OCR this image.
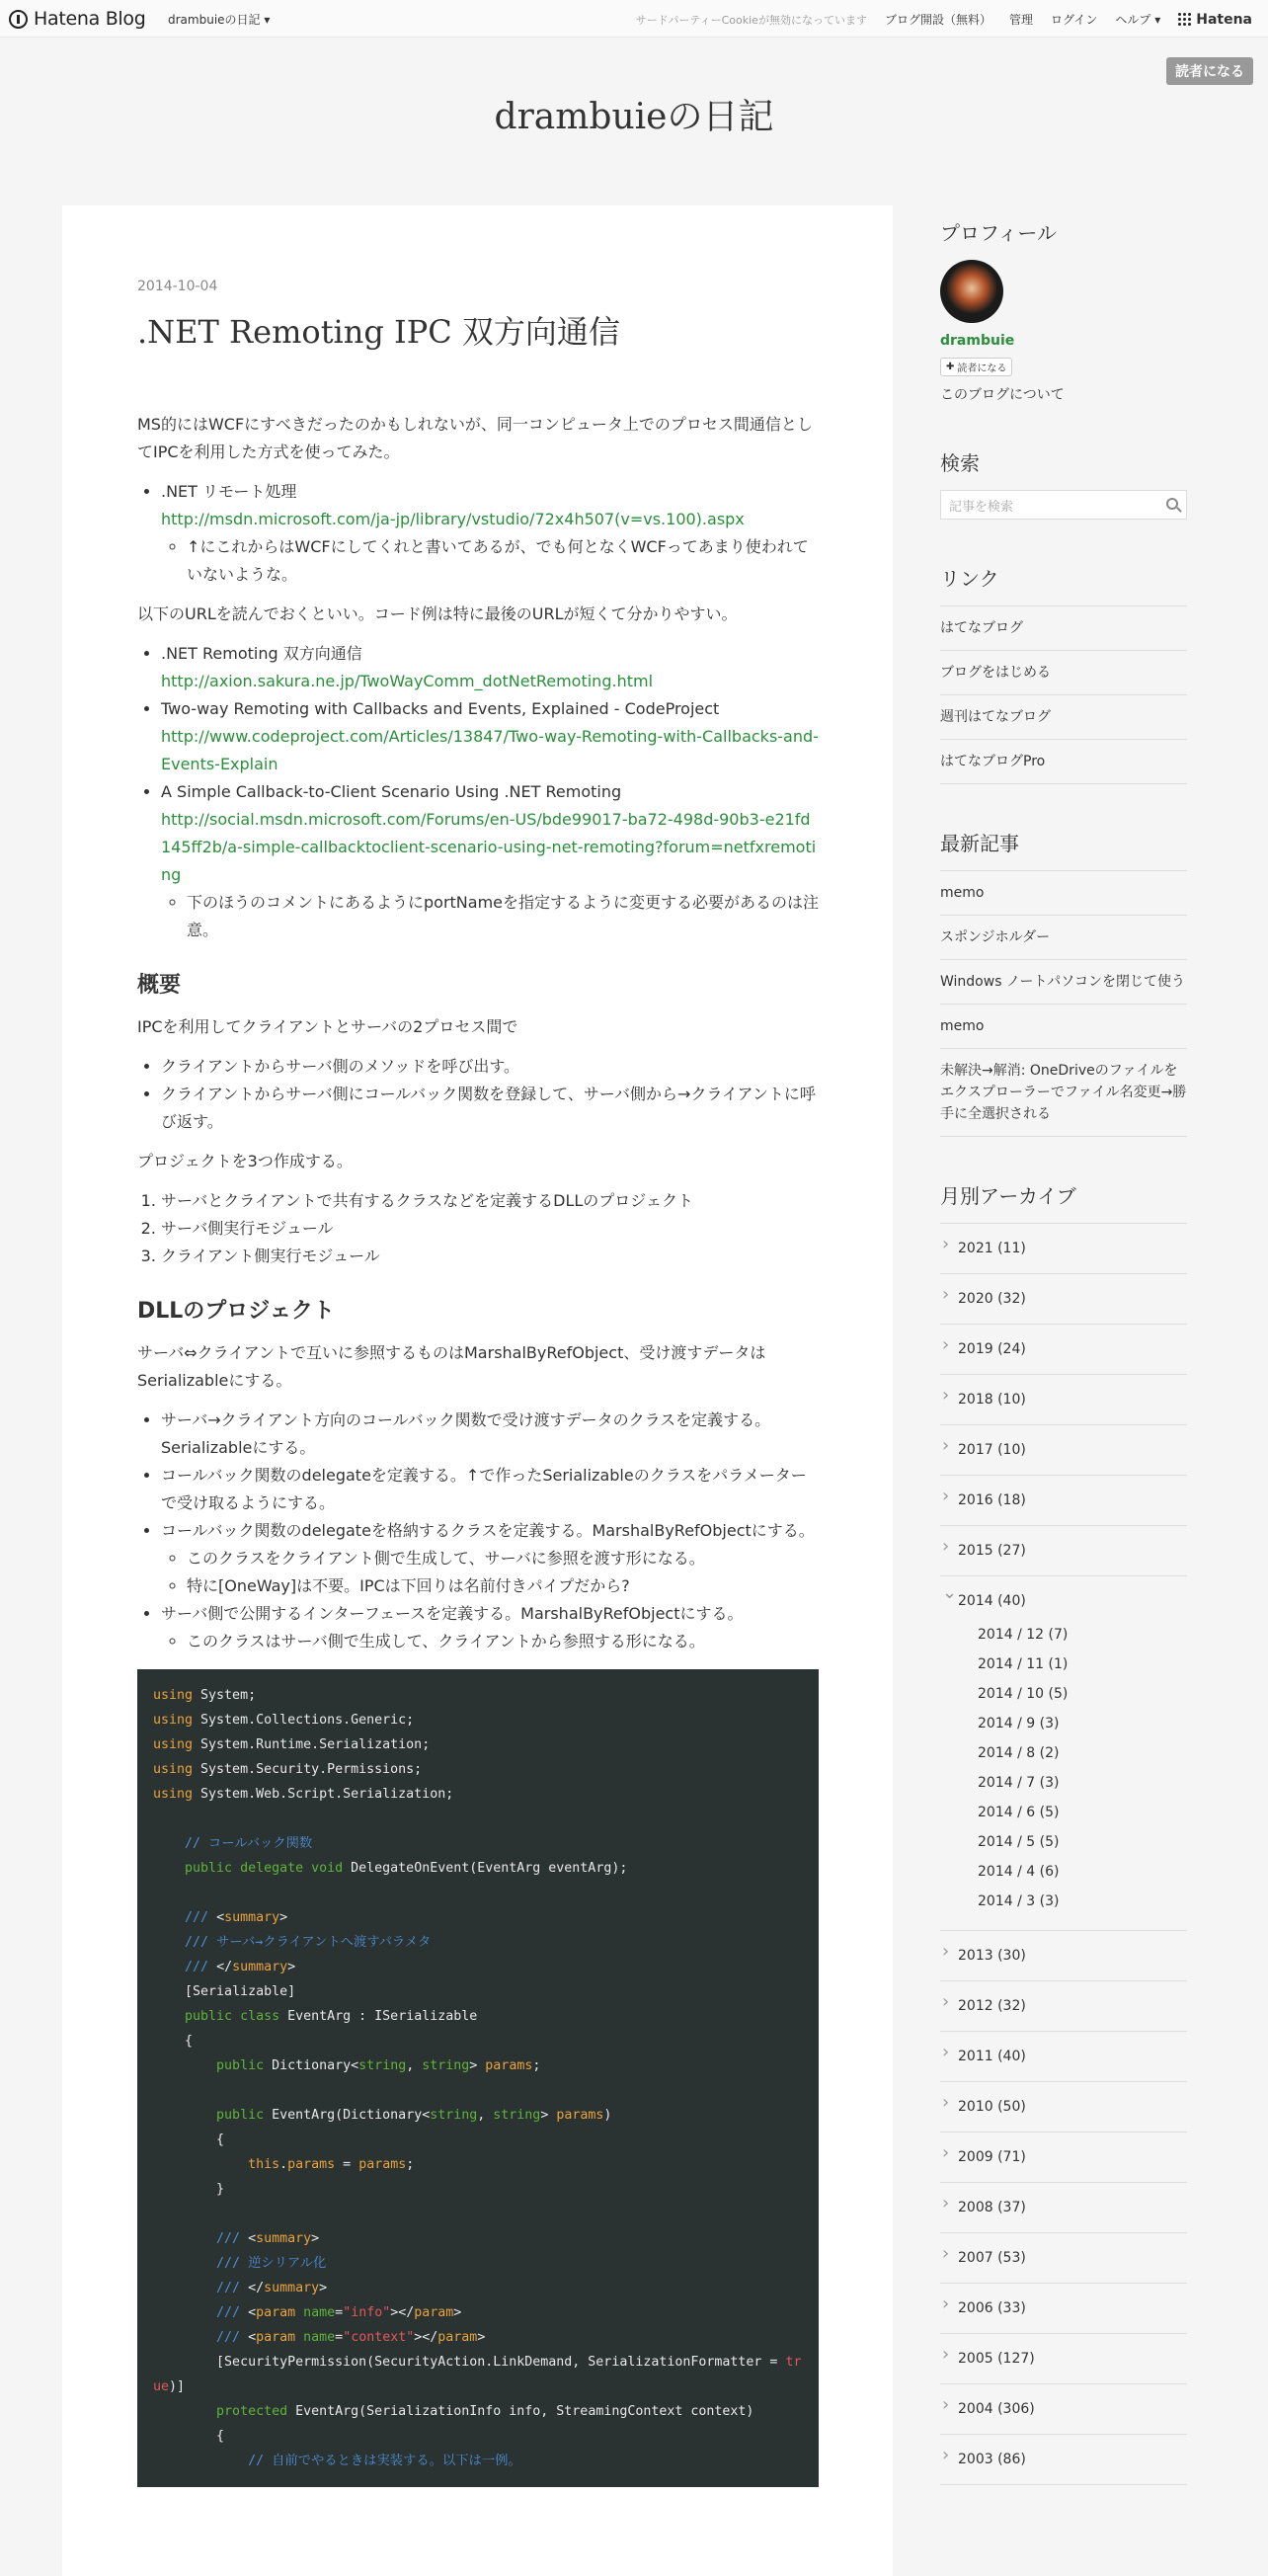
Hatena Blog drambuieの日記 ▾	サードパーティーCookieが無効になっています ブログ開設（無料） 管理 ログイン ヘルプ ▾	Hatena
読者になる
drambuieの日記
2014-10-04
.NET Remoting IPC 双方向通信

MS的にはWCFにすべきだったのかもしれないが、同一コンピュータ上でのプロセス間通信としてIPCを利用した方式を使ってみた。

• .NET リモート処理
http://msdn.microsoft.com/ja-jp/library/vstudio/72x4h507(v=vs.100).aspx
◦ ↑にこれからはWCFにしてくれと書いてあるが、でも何となくWCFってあまり使われていないような。

以下のURLを読んでおくといい。コード例は特に最後のURLが短くて分かりやすい。

• .NET Remoting 双方向通信
http://axion.sakura.ne.jp/TwoWayComm_dotNetRemoting.html
• Two-way Remoting with Callbacks and Events, Explained - CodeProject
http://www.codeproject.com/Articles/13847/Two-way-Remoting-with-Callbacks-and-Events-Explain
• A Simple Callback-to-Client Scenario Using .NET Remoting
http://social.msdn.microsoft.com/Forums/en-US/bde99017-ba72-498d-90b3-e21fd145ff2b/a-simple-callbacktoclient-scenario-using-net-remoting?forum=netfxremoting
◦ 下のほうのコメントにあるようにportNameを指定するように変更する必要があるのは注意。
概要

IPCを利用してクライアントとサーバの2プロセス間で

• クライアントからサーバ側のメソッドを呼び出す。
• クライアントからサーバ側にコールバック関数を登録して、サーバ側から→クライアントに呼び返す。

プロジェクトを3つ作成する。

1. サーバとクライアントで共有するクラスなどを定義するDLLのプロジェクト
2. サーバ側実行モジュール
3. クライアント側実行モジュール
DLLのプロジェクト

サーバ⇔クライアントで互いに参照するものはMarshalByRefObject、受け渡すデータはSerializableにする。

• サーバ→クライアント方向のコールバック関数で受け渡すデータのクラスを定義する。Serializableにする。
• コールバック関数のdelegateを定義する。↑で作ったSerializableのクラスをパラメーターで受け取るようにする。
• コールバック関数のdelegateを格納するクラスを定義する。MarshalByRefObjectにする。
◦ このクラスをクライアント側で生成して、サーバに参照を渡す形になる。
◦ 特に[OneWay]は不要。IPCは下回りは名前付きパイプだから?
• サーバ側で公開するインターフェースを定義する。MarshalByRefObjectにする。
◦ このクラスはサーバ側で生成して、クライアントから参照する形になる。
using System;
using System.Collections.Generic;
using System.Runtime.Serialization;
using System.Security.Permissions;
using System.Web.Script.Serialization;

// コールバック関数
public delegate void DelegateOnEvent(EventArg eventArg);

/// <summary>
/// サーバ→クライアントへ渡すパラメタ
/// </summary>
[Serializable]
public class EventArg : ISerializable
{
public Dictionary<string, string> params;

public EventArg(Dictionary<string, string> params)
{
this.params = params;
}

/// <summary>
/// 逆シリアル化
/// </summary>
/// <param name="info"></param>
/// <param name="context"></param>
[SecurityPermission(SecurityAction.LinkDemand, SerializationFormatter = true)]
protected EventArg(SerializationInfo info, StreamingContext context)
{
// 自前でやるときは実装する。以下は一例。

プロフィール
drambuie
✚ 読者になる
このブログについて
検索
記事を検索
リンク
はてなブログ
ブログをはじめる
週刊はてなブログ
はてなブログPro
最新記事
memo
スポンジホルダー
Windows ノートパソコンを閉じて使う
memo
未解決→解消: OneDriveのファイルをエクスプローラーでファイル名変更→勝手に全選択される
月別アーカイブ
› 2021 (11)
› 2020 (32)
› 2019 (24)
› 2018 (10)
› 2017 (10)
› 2016 (18)
› 2015 (27)
⌄ 2014 (40)
2014 / 12 (7)
2014 / 11 (1)
2014 / 10 (5)
2014 / 9 (3)
2014 / 8 (2)
2014 / 7 (3)
2014 / 6 (5)
2014 / 5 (5)
2014 / 4 (6)
2014 / 3 (3)
› 2013 (30)
› 2012 (32)
› 2011 (40)
› 2010 (50)
› 2009 (71)
› 2008 (37)
› 2007 (53)
› 2006 (33)
› 2005 (127)
› 2004 (306)
› 2003 (86)
